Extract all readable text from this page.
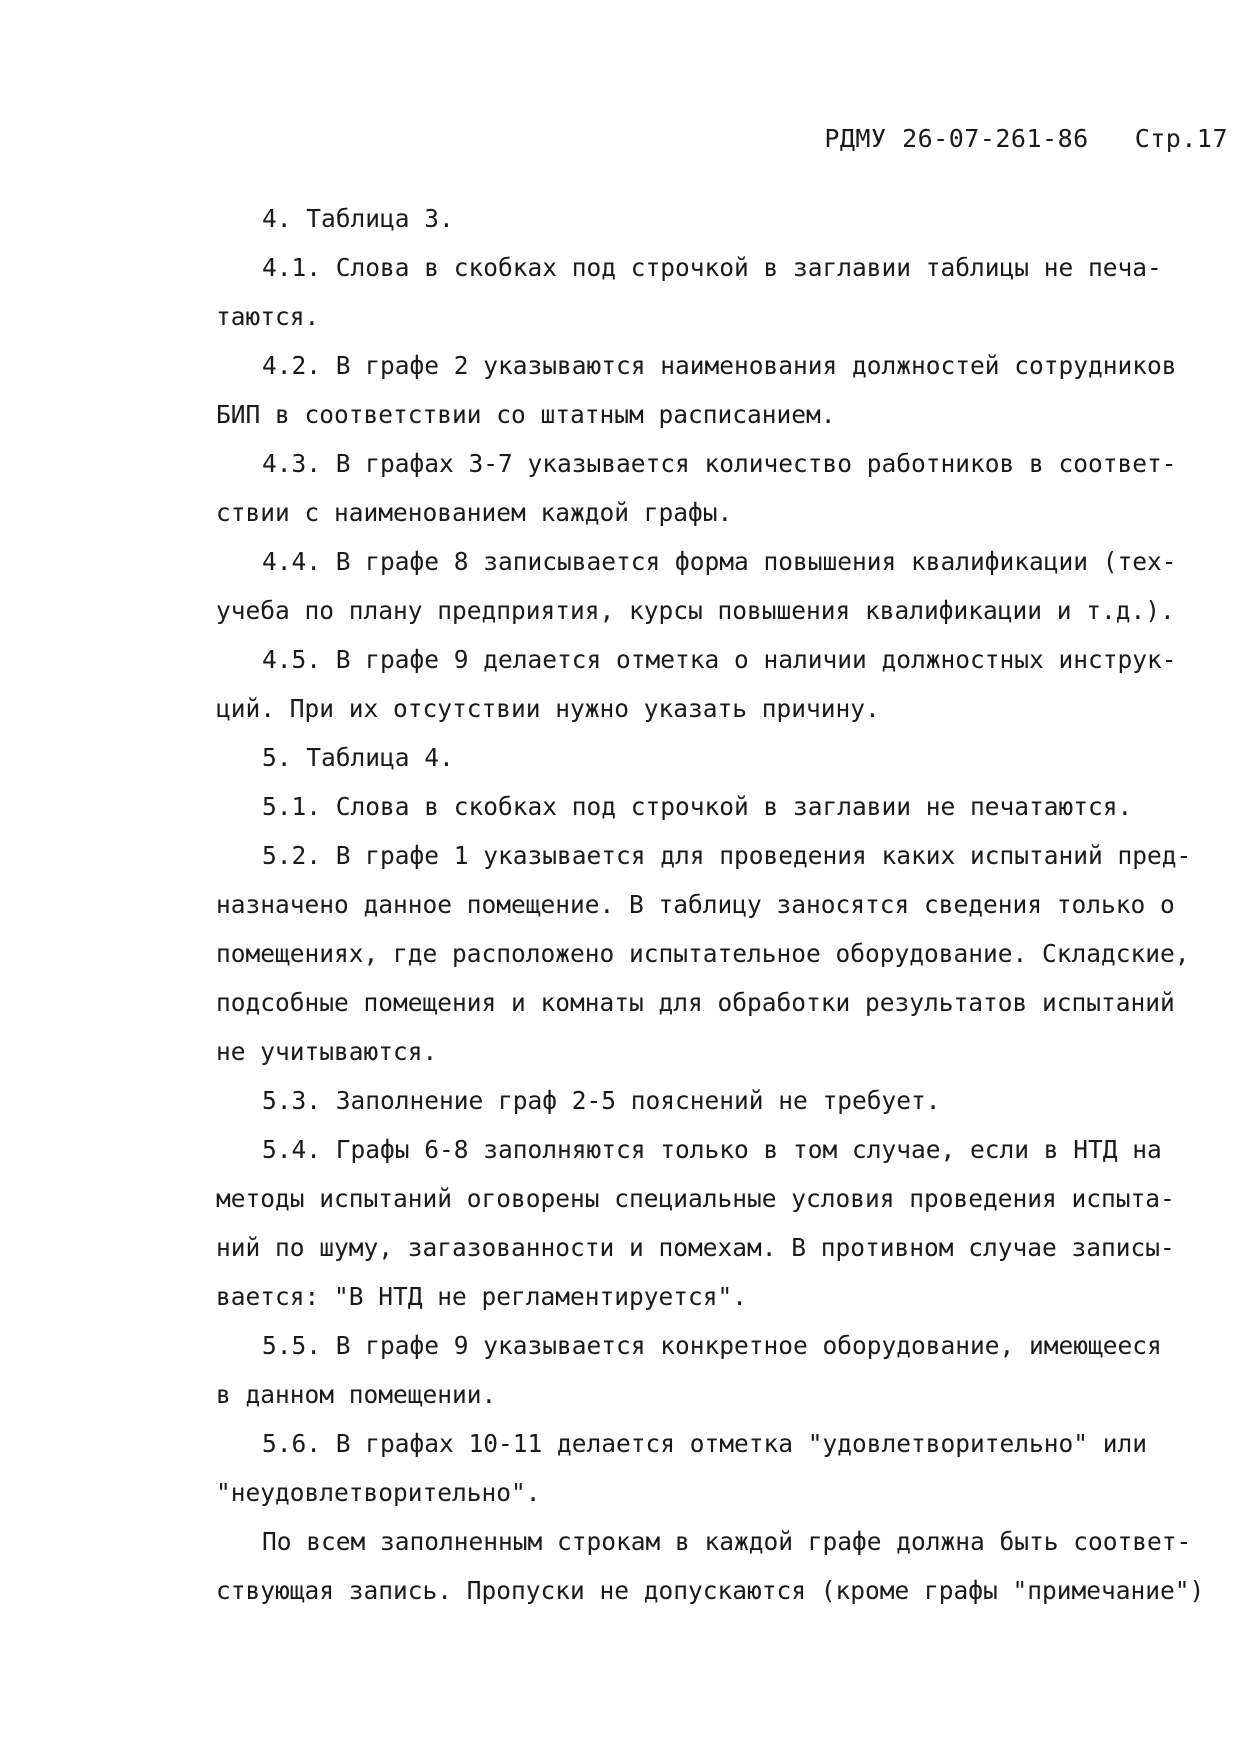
РДМУ 26-07-261-86 Стр.17
4. Таблица 3.
4.1. Слова в скобках под строчкой в заглавии таблицы не печа-
таются.
4.2. В графе 2 указываются наименования должностей сотрудников
БИП в соответствии со штатным расписанием.
4.3. В графах 3-7 указывается количество работников в соответ-
ствии с наименованием каждой графы.
4.4. В графе 8 записывается форма повышения квалификации (тех-
учеба по плану предприятия, курсы повышения квалификации и т.д.).
4.5. В графе 9 делается отметка о наличии должностных инструк-
ций. При их отсутствии нужно указать причину.
5. Таблица 4.
5.1. Слова в скобках под строчкой в заглавии не печатаются.
5.2. В графе 1 указывается для проведения каких испытаний пред-
назначено данное помещение. В таблицу заносятся сведения только о
помещениях, где расположено испытательное оборудование. Складские,
подсобные помещения и комнаты для обработки результатов испытаний
не учитываются.
5.3. Заполнение граф 2-5 пояснений не требует.
5.4. Графы 6-8 заполняются только в том случае, если в НТД на
методы испытаний оговорены специальные условия проведения испыта-
ний по шуму, загазованности и помехам. В противном случае записы-
вается: "В НТД не регламентируется".
5.5. В графе 9 указывается конкретное оборудование, имеющееся
в данном помещении.
5.6. В графах 10-11 делается отметка "удовлетворительно" или
"неудовлетворительно".
По всем заполненным строкам в каждой графе должна быть соответ-
ствующая запись. Пропуски не допускаются (кроме графы "примечание")
